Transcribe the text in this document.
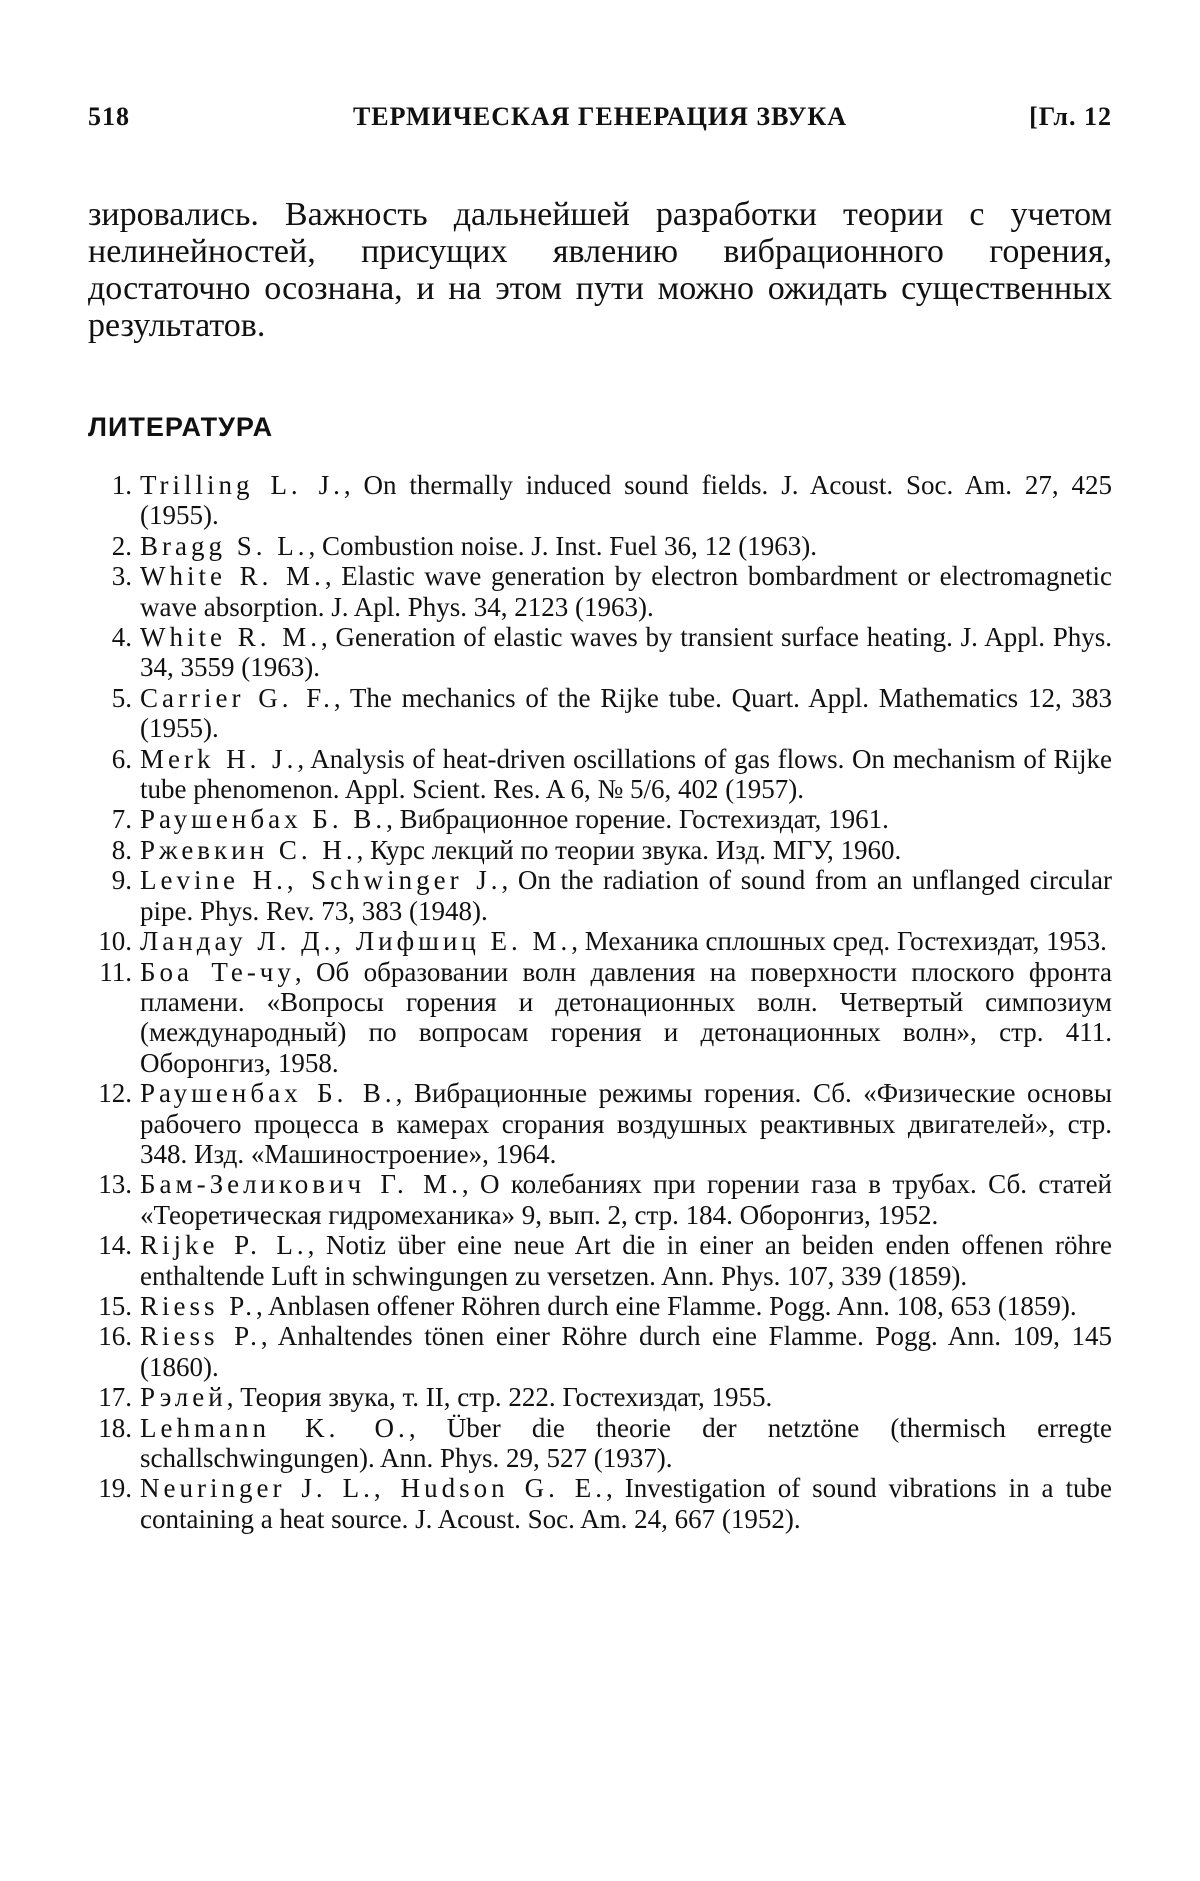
518	ТЕРМИЧЕСКАЯ ГЕНЕРАЦИЯ ЗВУКА	[Гл. 12
зировались. Важность дальнейшей разработки теории с учетом нелинейностей, присущих явлению вибрационного горения, достаточно осознана, и на этом пути можно ожидать существенных результатов.
ЛИТЕРАТУРА
1. Trilling L. J., On thermally induced sound fields. J. Acoust. Soc. Am. 27, 425 (1955).
2. Bragg S. L., Combustion noise. J. Inst. Fuel 36, 12 (1963).
3. White R. M., Elastic wave generation by electron bombardment or electromagnetic wave absorption. J. Apl. Phys. 34, 2123 (1963).
4. White R. M., Generation of elastic waves by transient surface heating. J. Appl. Phys. 34, 3559 (1963).
5. Carrier G. F., The mechanics of the Rijke tube. Quart. Appl. Mathematics 12, 383 (1955).
6. Merk H. J., Analysis of heat-driven oscillations of gas flows. On mechanism of Rijke tube phenomenon. Appl. Scient. Res. A 6, № 5/6, 402 (1957).
7. Раушенбах Б. В., Вибрационное горение. Гостехиздат, 1961.
8. Ржевкин С. Н., Курс лекций по теории звука. Изд. МГУ, 1960.
9. Levine H., Schwinger J., On the radiation of sound from an unflanged circular pipe. Phys. Rev. 73, 383 (1948).
10. Ландау Л. Д., Лифшиц Е. М., Механика сплошных сред. Гостехиздат, 1953.
11. Боа Те-чу, Об образовании волн давления на поверхности плоского фронта пламени. «Вопросы горения и детонационных волн. Четвертый симпозиум (международный) по вопросам горения и детонационных волн», стр. 411. Оборонгиз, 1958.
12. Раушенбах Б. В., Вибрационные режимы горения. Сб. «Физические основы рабочего процесса в камерах сгорания воздушных реактивных двигателей», стр. 348. Изд. «Машиностроение», 1964.
13. Бам-Зеликович Г. М., О колебаниях при горении газа в трубах. Сб. статей «Теоретическая гидромеханика» 9, вып. 2, стр. 184. Оборонгиз, 1952.
14. Rijke P. L., Notiz über eine neue Art die in einer an beiden enden offenen röhre enthaltende Luft in schwingungen zu versetzen. Ann. Phys. 107, 339 (1859).
15. Riess P., Anblasen offener Röhren durch eine Flamme. Pogg. Ann. 108, 653 (1859).
16. Riess P., Anhaltendes tönen einer Röhre durch eine Flamme. Pogg. Ann. 109, 145 (1860).
17. Рэлей, Теория звука, т. II, стр. 222. Гостехиздат, 1955.
18. Lehmann K. O., Über die theorie der netztöne (thermisch erregte schallschwingungen). Ann. Phys. 29, 527 (1937).
19. Neuringer J. L., Hudson G. E., Investigation of sound vibrations in a tube containing a heat source. J. Acoust. Soc. Am. 24, 667 (1952).
